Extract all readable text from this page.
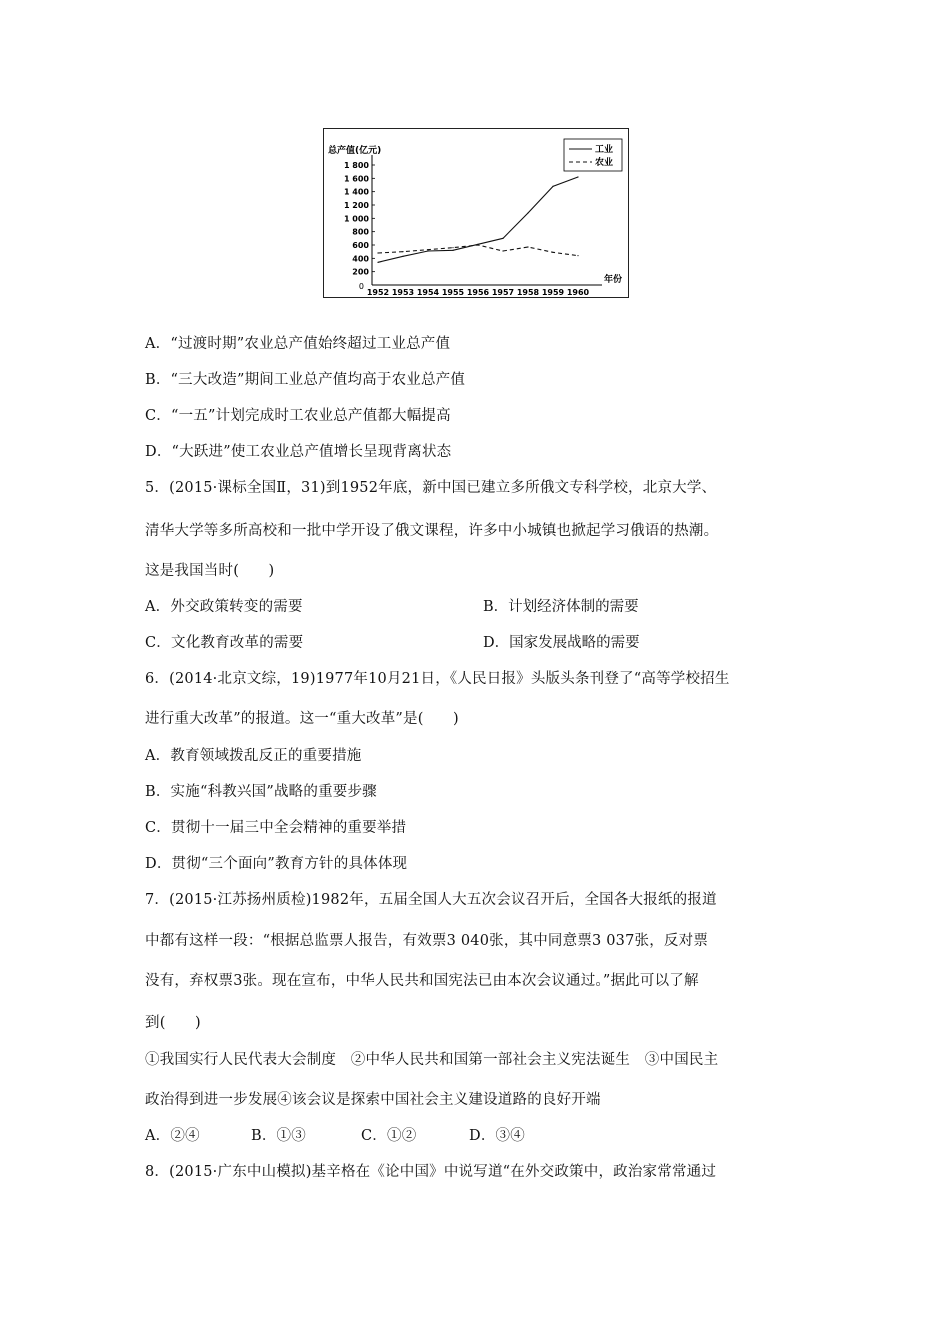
总产值(亿元)
0
200
400
600
800
1 000
1 200
1 400
1 600
1 800
1952 1953 1954 1955 1956 1957 1958 1959 1960
年份
工业
农业
A．“过渡时期”农业总产值始终超过工业总产值
B．“三大改造”期间工业总产值均高于农业总产值
C．“一五”计划完成时工农业总产值都大幅提高
D．“大跃进”使工农业总产值增长呈现背离状态
5．(2015·课标全国Ⅱ，31)到1952年底，新中国已建立多所俄文专科学校，北京大学、
清华大学等多所高校和一批中学开设了俄文课程，许多中小城镇也掀起学习俄语的热潮。
这是我国当时(　　)
A．外交政策转变的需要	B．计划经济体制的需要
C．文化教育改革的需要	D．国家发展战略的需要
6．(2014·北京文综，19)1977年10月21日，《人民日报》头版头条刊登了“高等学校招生
进行重大改革”的报道。这一“重大改革”是(　　)
A．教育领域拨乱反正的重要措施
B．实施“科教兴国”战略的重要步骤
C．贯彻十一届三中全会精神的重要举措
D．贯彻“三个面向”教育方针的具体体现
7．(2015·江苏扬州质检)1982年，五届全国人大五次会议召开后，全国各大报纸的报道
中都有这样一段：“根据总监票人报告，有效票3 040张，其中同意票3 037张，反对票
没有，弃权票3张。现在宣布，中华人民共和国宪法已由本次会议通过。”据此可以了解
到(　　)
①我国实行人民代表大会制度　②中华人民共和国第一部社会主义宪法诞生　③中国民主
政治得到进一步发展④该会议是探索中国社会主义建设道路的良好开端
A．②④	B．①③	C．①②	D．③④
8．(2015·广东中山模拟)基辛格在《论中国》中说写道“在外交政策中，政治家常常通过
